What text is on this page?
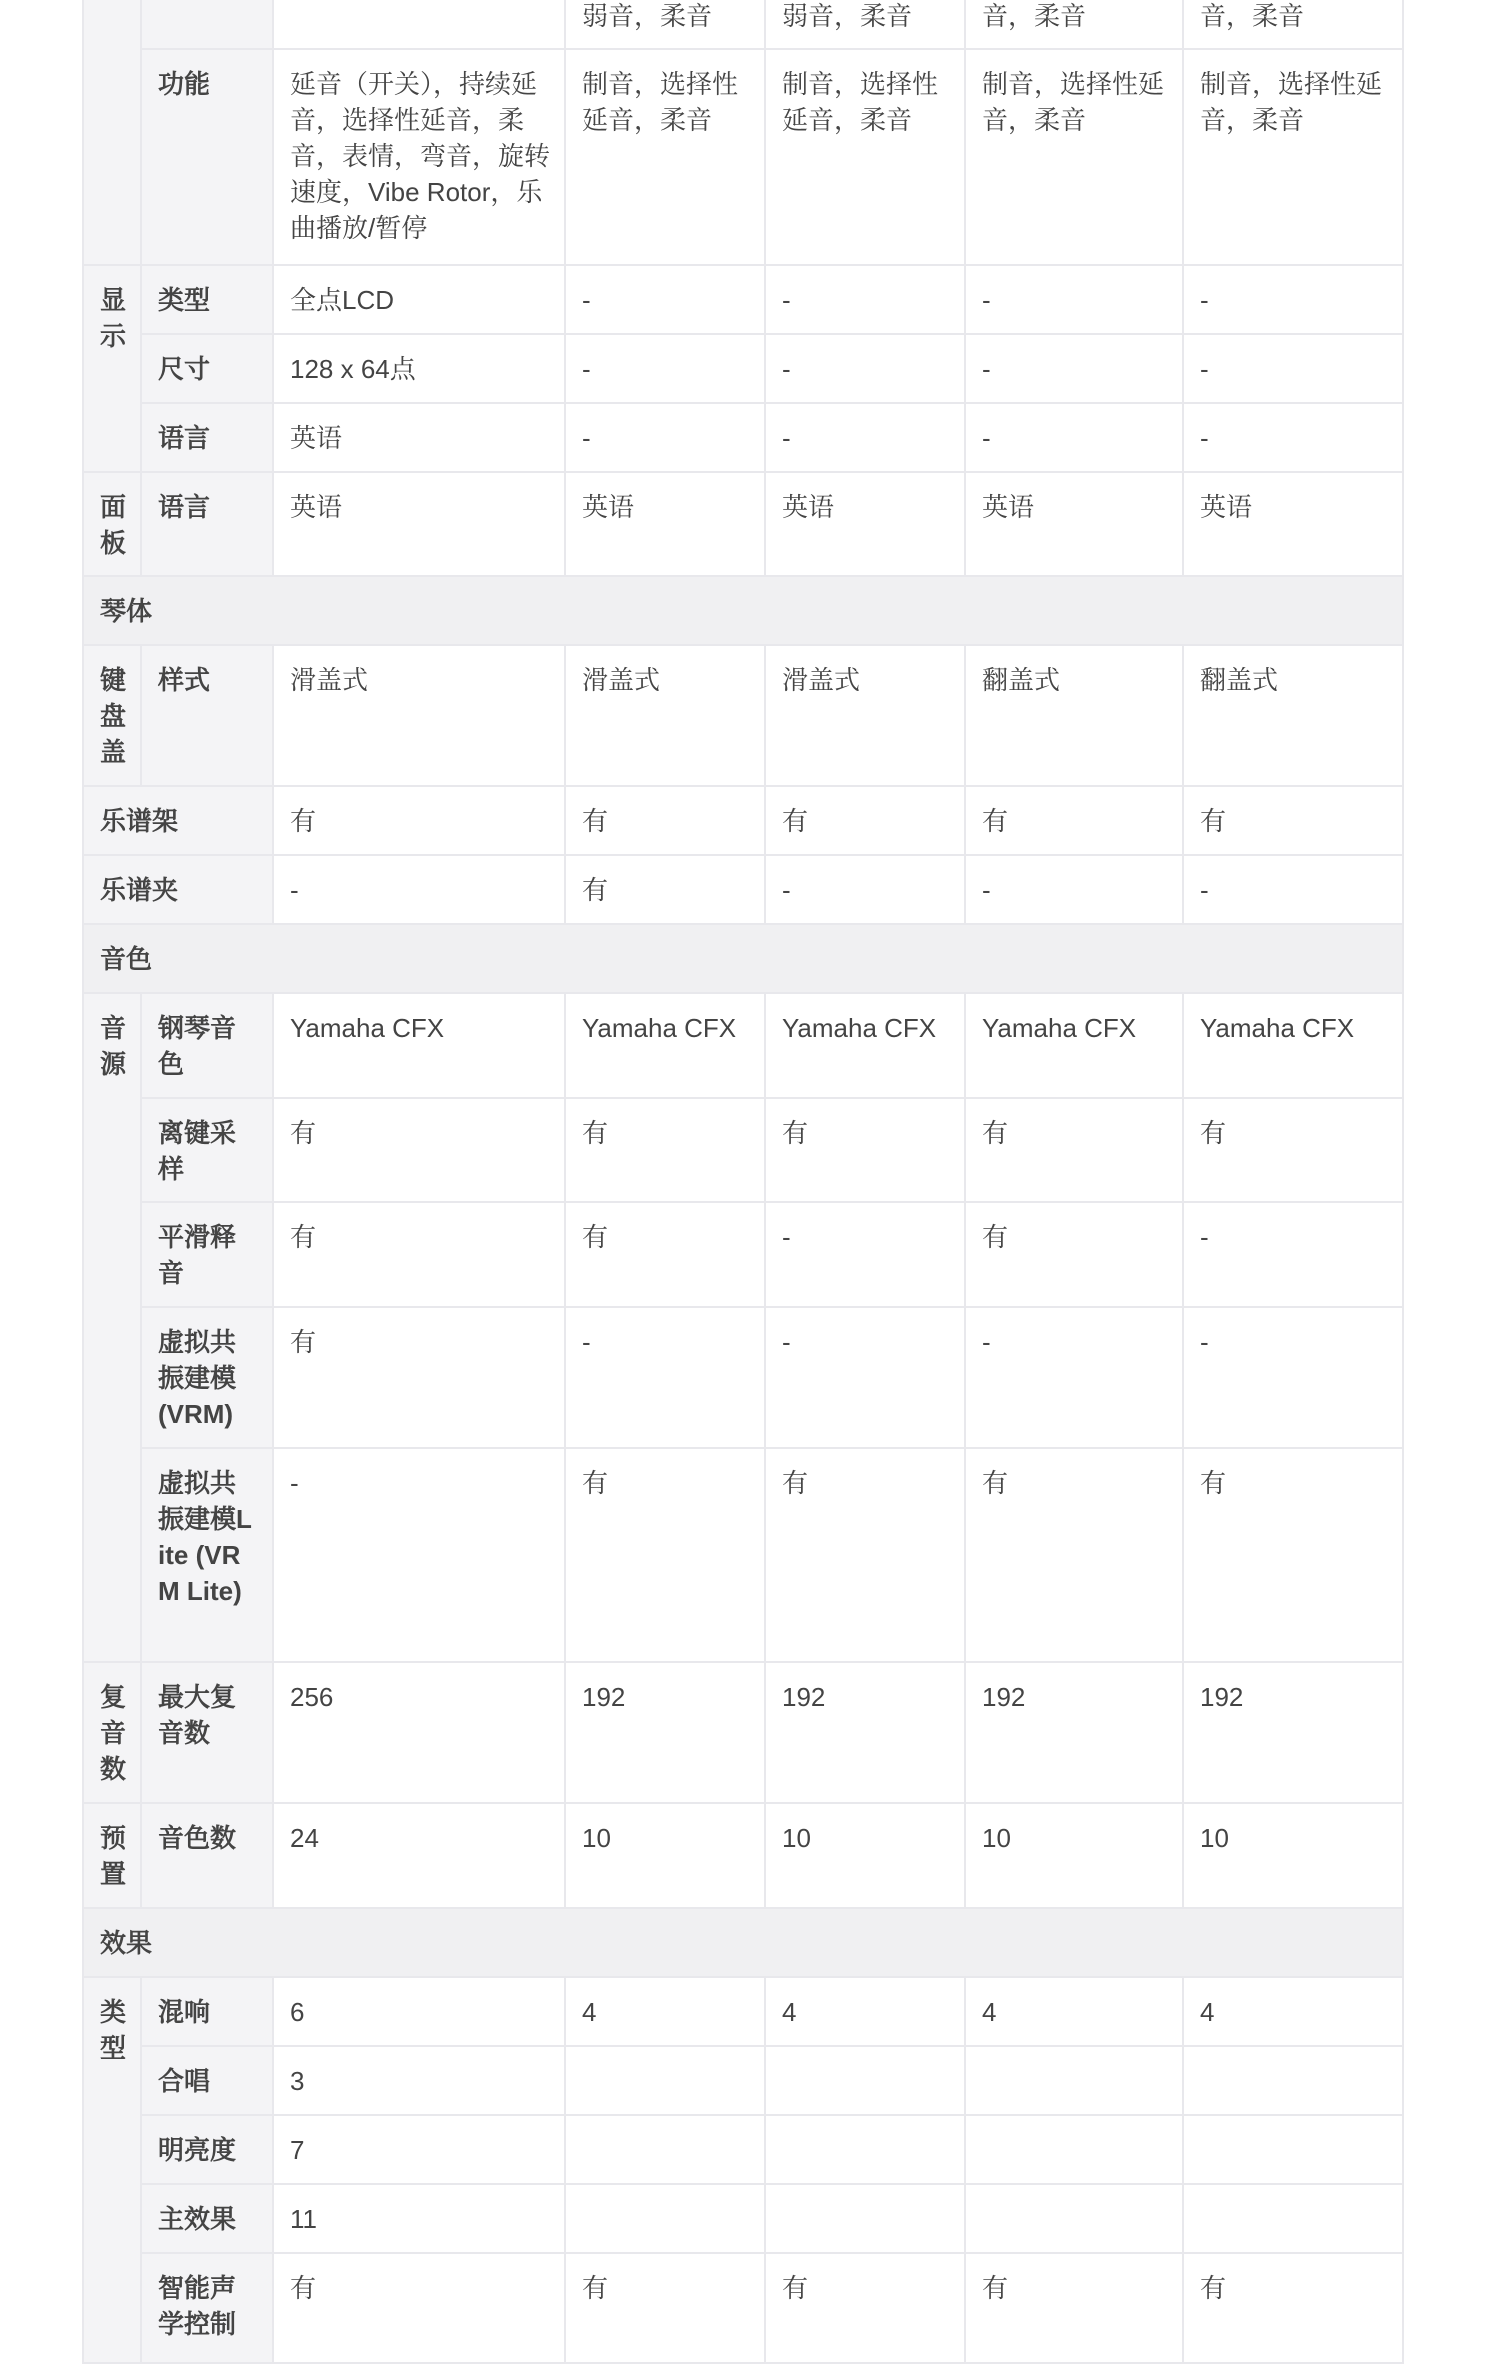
			弱音，柔音	弱音，柔音	音，柔音	音，柔音
	功能	延音（开关），持续延音，选择性延音，柔音，表情，弯音，旋转速度，Vibe Rotor，乐曲播放/暂停	制音，选择性延音，柔音	制音，选择性延音，柔音	制音，选择性延音，柔音	制音，选择性延音，柔音
显示	类型	全点LCD	-	-	-	-
	尺寸	128 x 64点	-	-	-	-
	语言	英语	-	-	-	-
面板	语言	英语	英语	英语	英语	英语
琴体						
键盘盖	样式	滑盖式	滑盖式	滑盖式	翻盖式	翻盖式
乐谱架		有	有	有	有	有
乐谱夹		-	有	-	-	-
音色						
音源	钢琴音色	Yamaha CFX	Yamaha CFX	Yamaha CFX	Yamaha CFX	Yamaha CFX
	离键采样	有	有	有	有	有
	平滑释音	有	有	-	有	-
	虚拟共振建模(VRM)	有	-	-	-	-
	虚拟共振建模Lite (VRM Lite)	-	有	有	有	有
复音数	最大复音数	256	192	192	192	192
预置	音色数	24	10	10	10	10
效果						
类型	混响	6	4	4	4	4
	合唱	3				
	明亮度	7				
	主效果	11				
	智能声学控制	有	有	有	有	有
